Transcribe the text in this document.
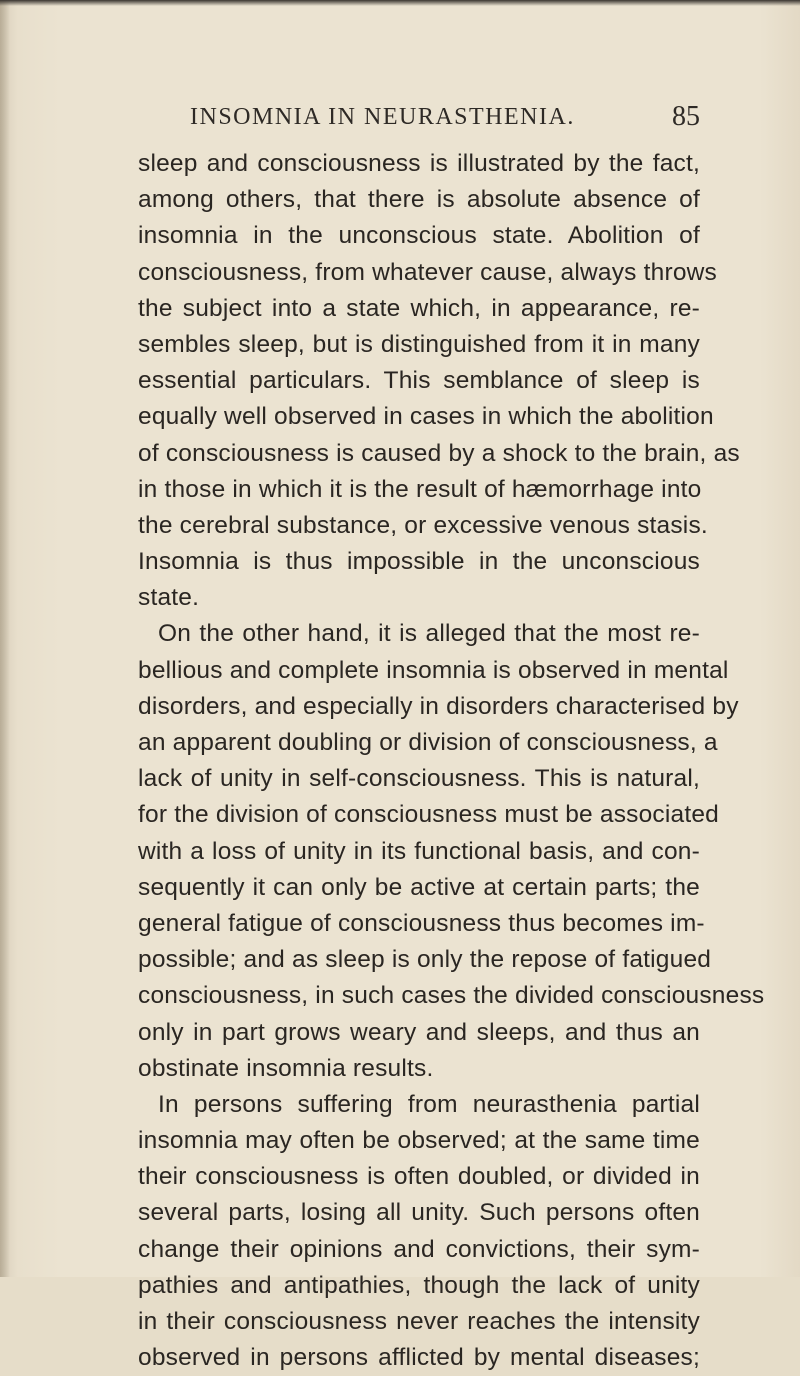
INSOMNIA IN NEURASTHENIA.	85
sleep and consciousness is illustrated by the fact,
among others, that there is absolute absence of
insomnia in the unconscious state. Abolition of
consciousness, from whatever cause, always throws
the subject into a state which, in appearance, re-
sembles sleep, but is distinguished from it in many
essential particulars. This semblance of sleep is
equally well observed in cases in which the abolition
of consciousness is caused by a shock to the brain, as
in those in which it is the result of hæmorrhage into
the cerebral substance, or excessive venous stasis.
Insomnia is thus impossible in the unconscious
state.
On the other hand, it is alleged that the most re-
bellious and complete insomnia is observed in mental
disorders, and especially in disorders characterised by
an apparent doubling or division of consciousness, a
lack of unity in self-consciousness. This is natural,
for the division of consciousness must be associated
with a loss of unity in its functional basis, and con-
sequently it can only be active at certain parts; the
general fatigue of consciousness thus becomes im-
possible; and as sleep is only the repose of fatigued
consciousness, in such cases the divided consciousness
only in part grows weary and sleeps, and thus an
obstinate insomnia results.
In persons suffering from neurasthenia partial
insomnia may often be observed; at the same time
their consciousness is often doubled, or divided in
several parts, losing all unity. Such persons often
change their opinions and convictions, their sym-
pathies and antipathies, though the lack of unity
in their consciousness never reaches the intensity
observed in persons afflicted by mental diseases;
